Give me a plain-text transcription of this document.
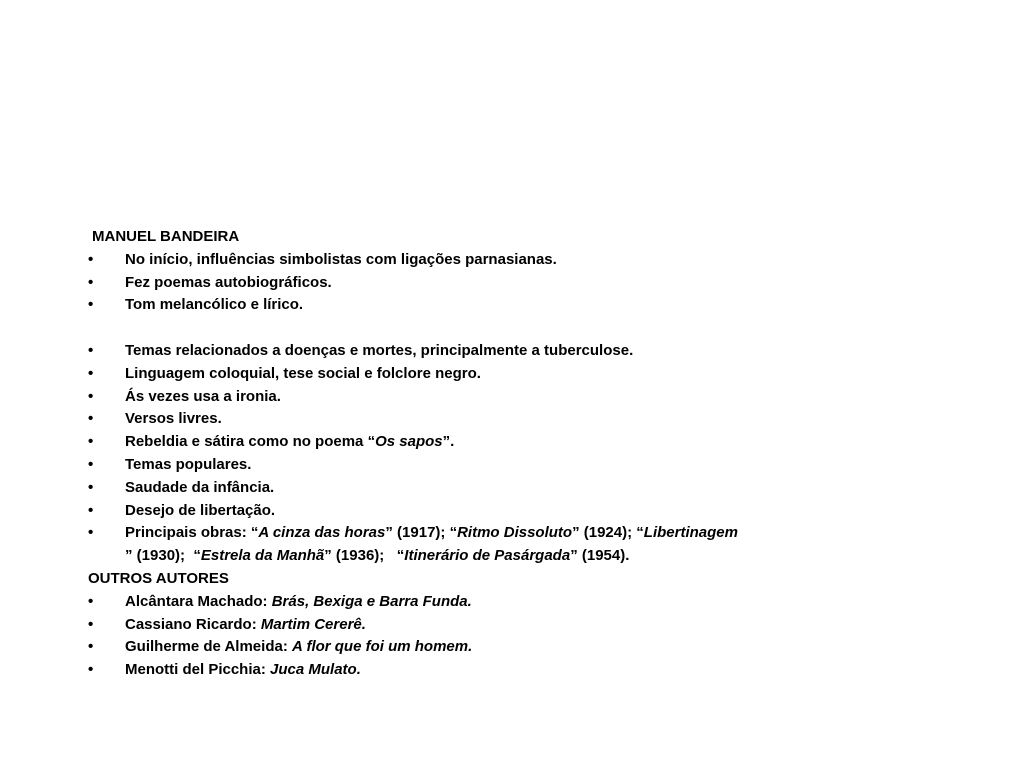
MANUEL BANDEIRA
• No início, influências simbolistas com ligações parnasianas.
• Fez poemas autobiográficos.
• Tom melancólico e lírico.
• Temas relacionados a doenças e mortes, principalmente a tuberculose.
• Linguagem coloquial, tese social e folclore negro.
• Ás vezes usa a ironia.
• Versos livres.
• Rebeldia e sátira como no poema “Os sapos”.
• Temas populares.
• Saudade da infância.
• Desejo de libertação.
• Principais obras: “A cinza das horas” (1917); “Ritmo Dissoluto” (1924); “Libertinagem
” (1930);  “Estrela da Manhã” (1936);   “Itinerário de Pasárgada” (1954).
OUTROS AUTORES
• Alcântara Machado: Brás, Bexiga e Barra Funda.
• Cassiano Ricardo: Martim Cererê.
• Guilherme de Almeida: A flor que foi um homem.
• Menotti del Picchia: Juca Mulato.
